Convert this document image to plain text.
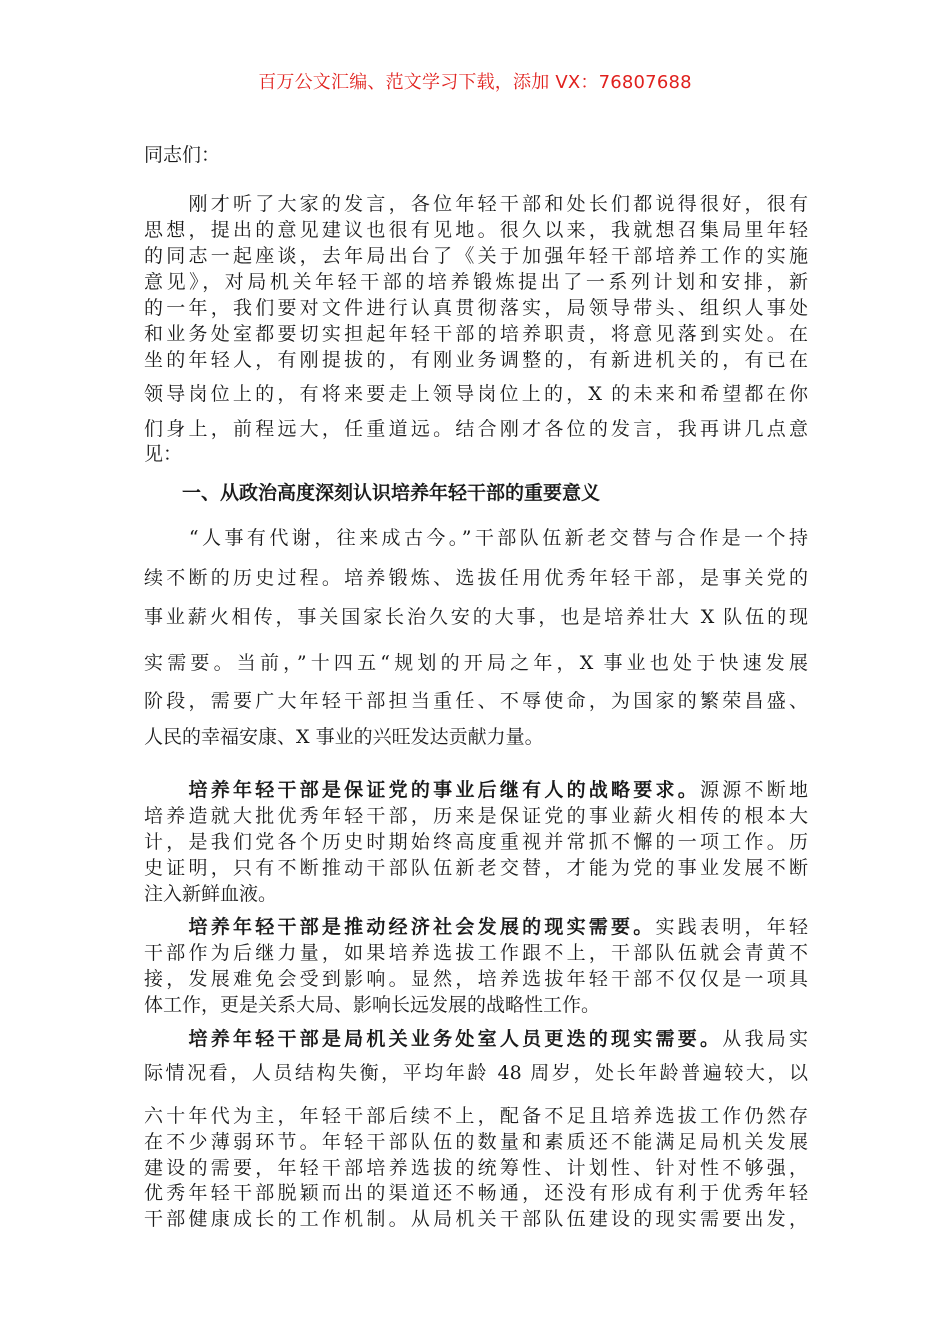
百万公文汇编、范文学习下载，添加 VX：76807688
同志们：
　　刚才听了大家的发言，各位年轻干部和处长们都说得很好，很有
思想，提出的意见建议也很有见地。很久以来，我就想召集局里年轻
的同志一起座谈，去年局出台了《关于加强年轻干部培养工作的实施
意见》，对局机关年轻干部的培养锻炼提出了一系列计划和安排，新
的一年，我们要对文件进行认真贯彻落实，局领导带头、组织人事处
和业务处室都要切实担起年轻干部的培养职责，将意见落到实处。在
坐的年轻人，有刚提拔的，有刚业务调整的，有新进机关的，有已在
领导岗位上的，有将来要走上领导岗位上的，X 的未来和希望都在你
们身上，前程远大，任重道远。结合刚才各位的发言，我再讲几点意
见：
　　一、从政治高度深刻认识培养年轻干部的重要意义
　　“人事有代谢，往来成古今。”干部队伍新老交替与合作是一个持
续不断的历史过程。培养锻炼、选拔任用优秀年轻干部，是事关党的
事业薪火相传，事关国家长治久安的大事，也是培养壮大 X 队伍的现
实需要。当前，”十四五“规划的开局之年，X 事业也处于快速发展
阶段，需要广大年轻干部担当重任、不辱使命，为国家的繁荣昌盛、
人民的幸福安康、X 事业的兴旺发达贡献力量。
　　培养年轻干部是保证党的事业后继有人的战略要求。源源不断地
培养造就大批优秀年轻干部，历来是保证党的事业薪火相传的根本大
计，是我们党各个历史时期始终高度重视并常抓不懈的一项工作。历
史证明，只有不断推动干部队伍新老交替，才能为党的事业发展不断
注入新鲜血液。
　　培养年轻干部是推动经济社会发展的现实需要。实践表明，年轻
干部作为后继力量，如果培养选拔工作跟不上，干部队伍就会青黄不
接，发展难免会受到影响。显然，培养选拔年轻干部不仅仅是一项具
体工作，更是关系大局、影响长远发展的战略性工作。
　　培养年轻干部是局机关业务处室人员更迭的现实需要。从我局实
际情况看，人员结构失衡，平均年龄 48 周岁，处长年龄普遍较大，以
六十年代为主，年轻干部后续不上，配备不足且培养选拔工作仍然存
在不少薄弱环节。年轻干部队伍的数量和素质还不能满足局机关发展
建设的需要，年轻干部培养选拔的统筹性、计划性、针对性不够强，
优秀年轻干部脱颖而出的渠道还不畅通，还没有形成有利于优秀年轻
干部健康成长的工作机制。从局机关干部队伍建设的现实需要出发，
